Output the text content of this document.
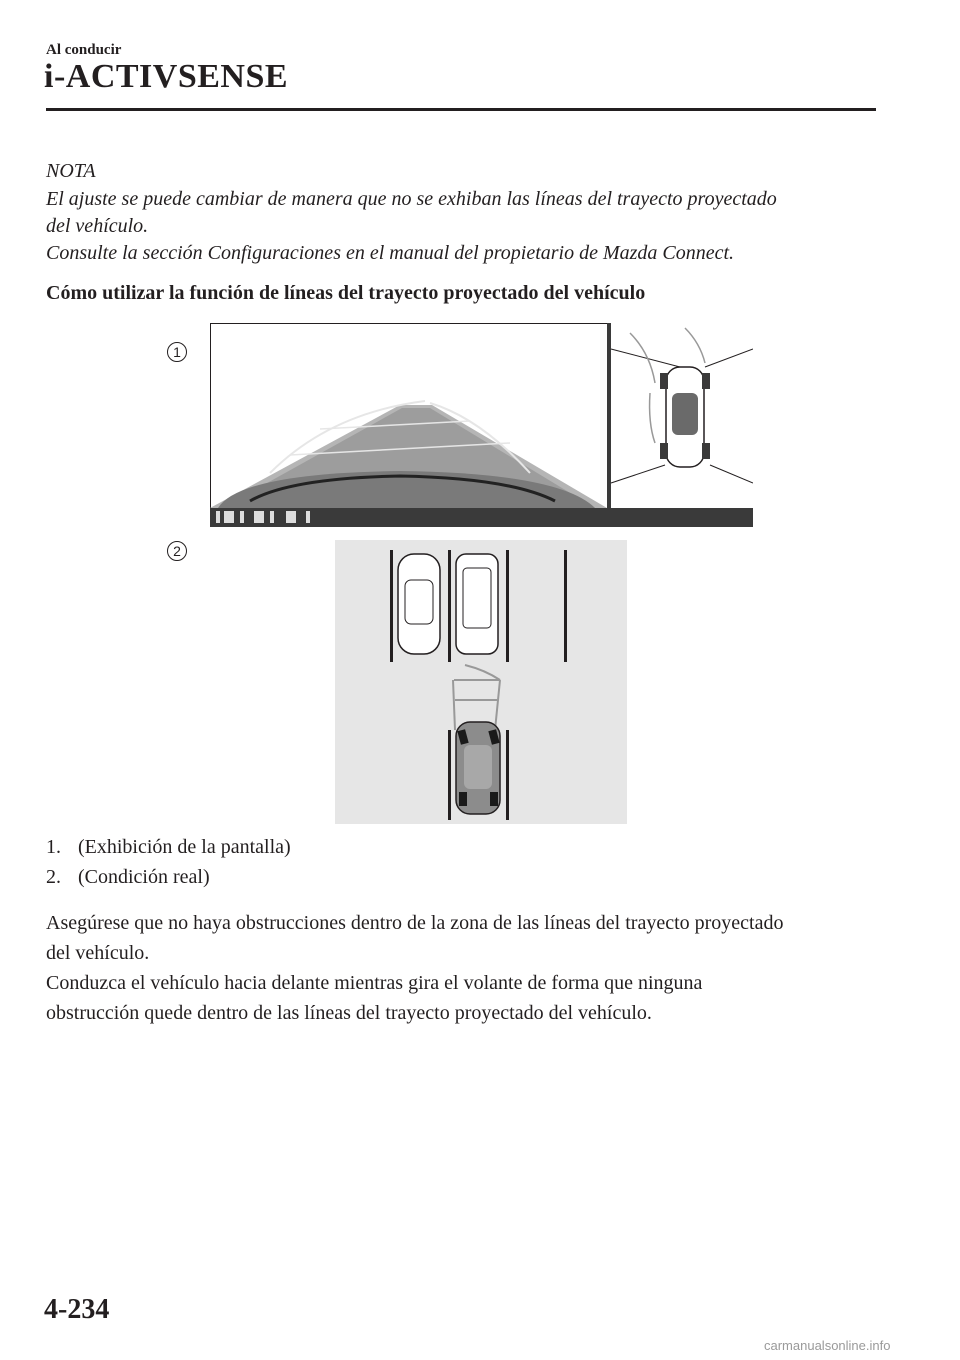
Al conducir
i-ACTIVSENSE
NOTA

El ajuste se puede cambiar de manera que no se exhiban las líneas del trayecto proyectado

del vehículo.

Consulte la sección Configuraciones en el manual del propietario de Mazda Connect.

Cómo utilizar la función de líneas del trayecto proyectado del vehículo
1
2
1. (Exhibición de la pantalla)
2. (Condición real)

Asegúrese que no haya obstrucciones dentro de la zona de las líneas del trayecto proyectado

del vehículo.

Conduzca el vehículo hacia delante mientras gira el volante de forma que ninguna

obstrucción quede dentro de las líneas del trayecto proyectado del vehículo.

4-234
carmanualsonline.info
